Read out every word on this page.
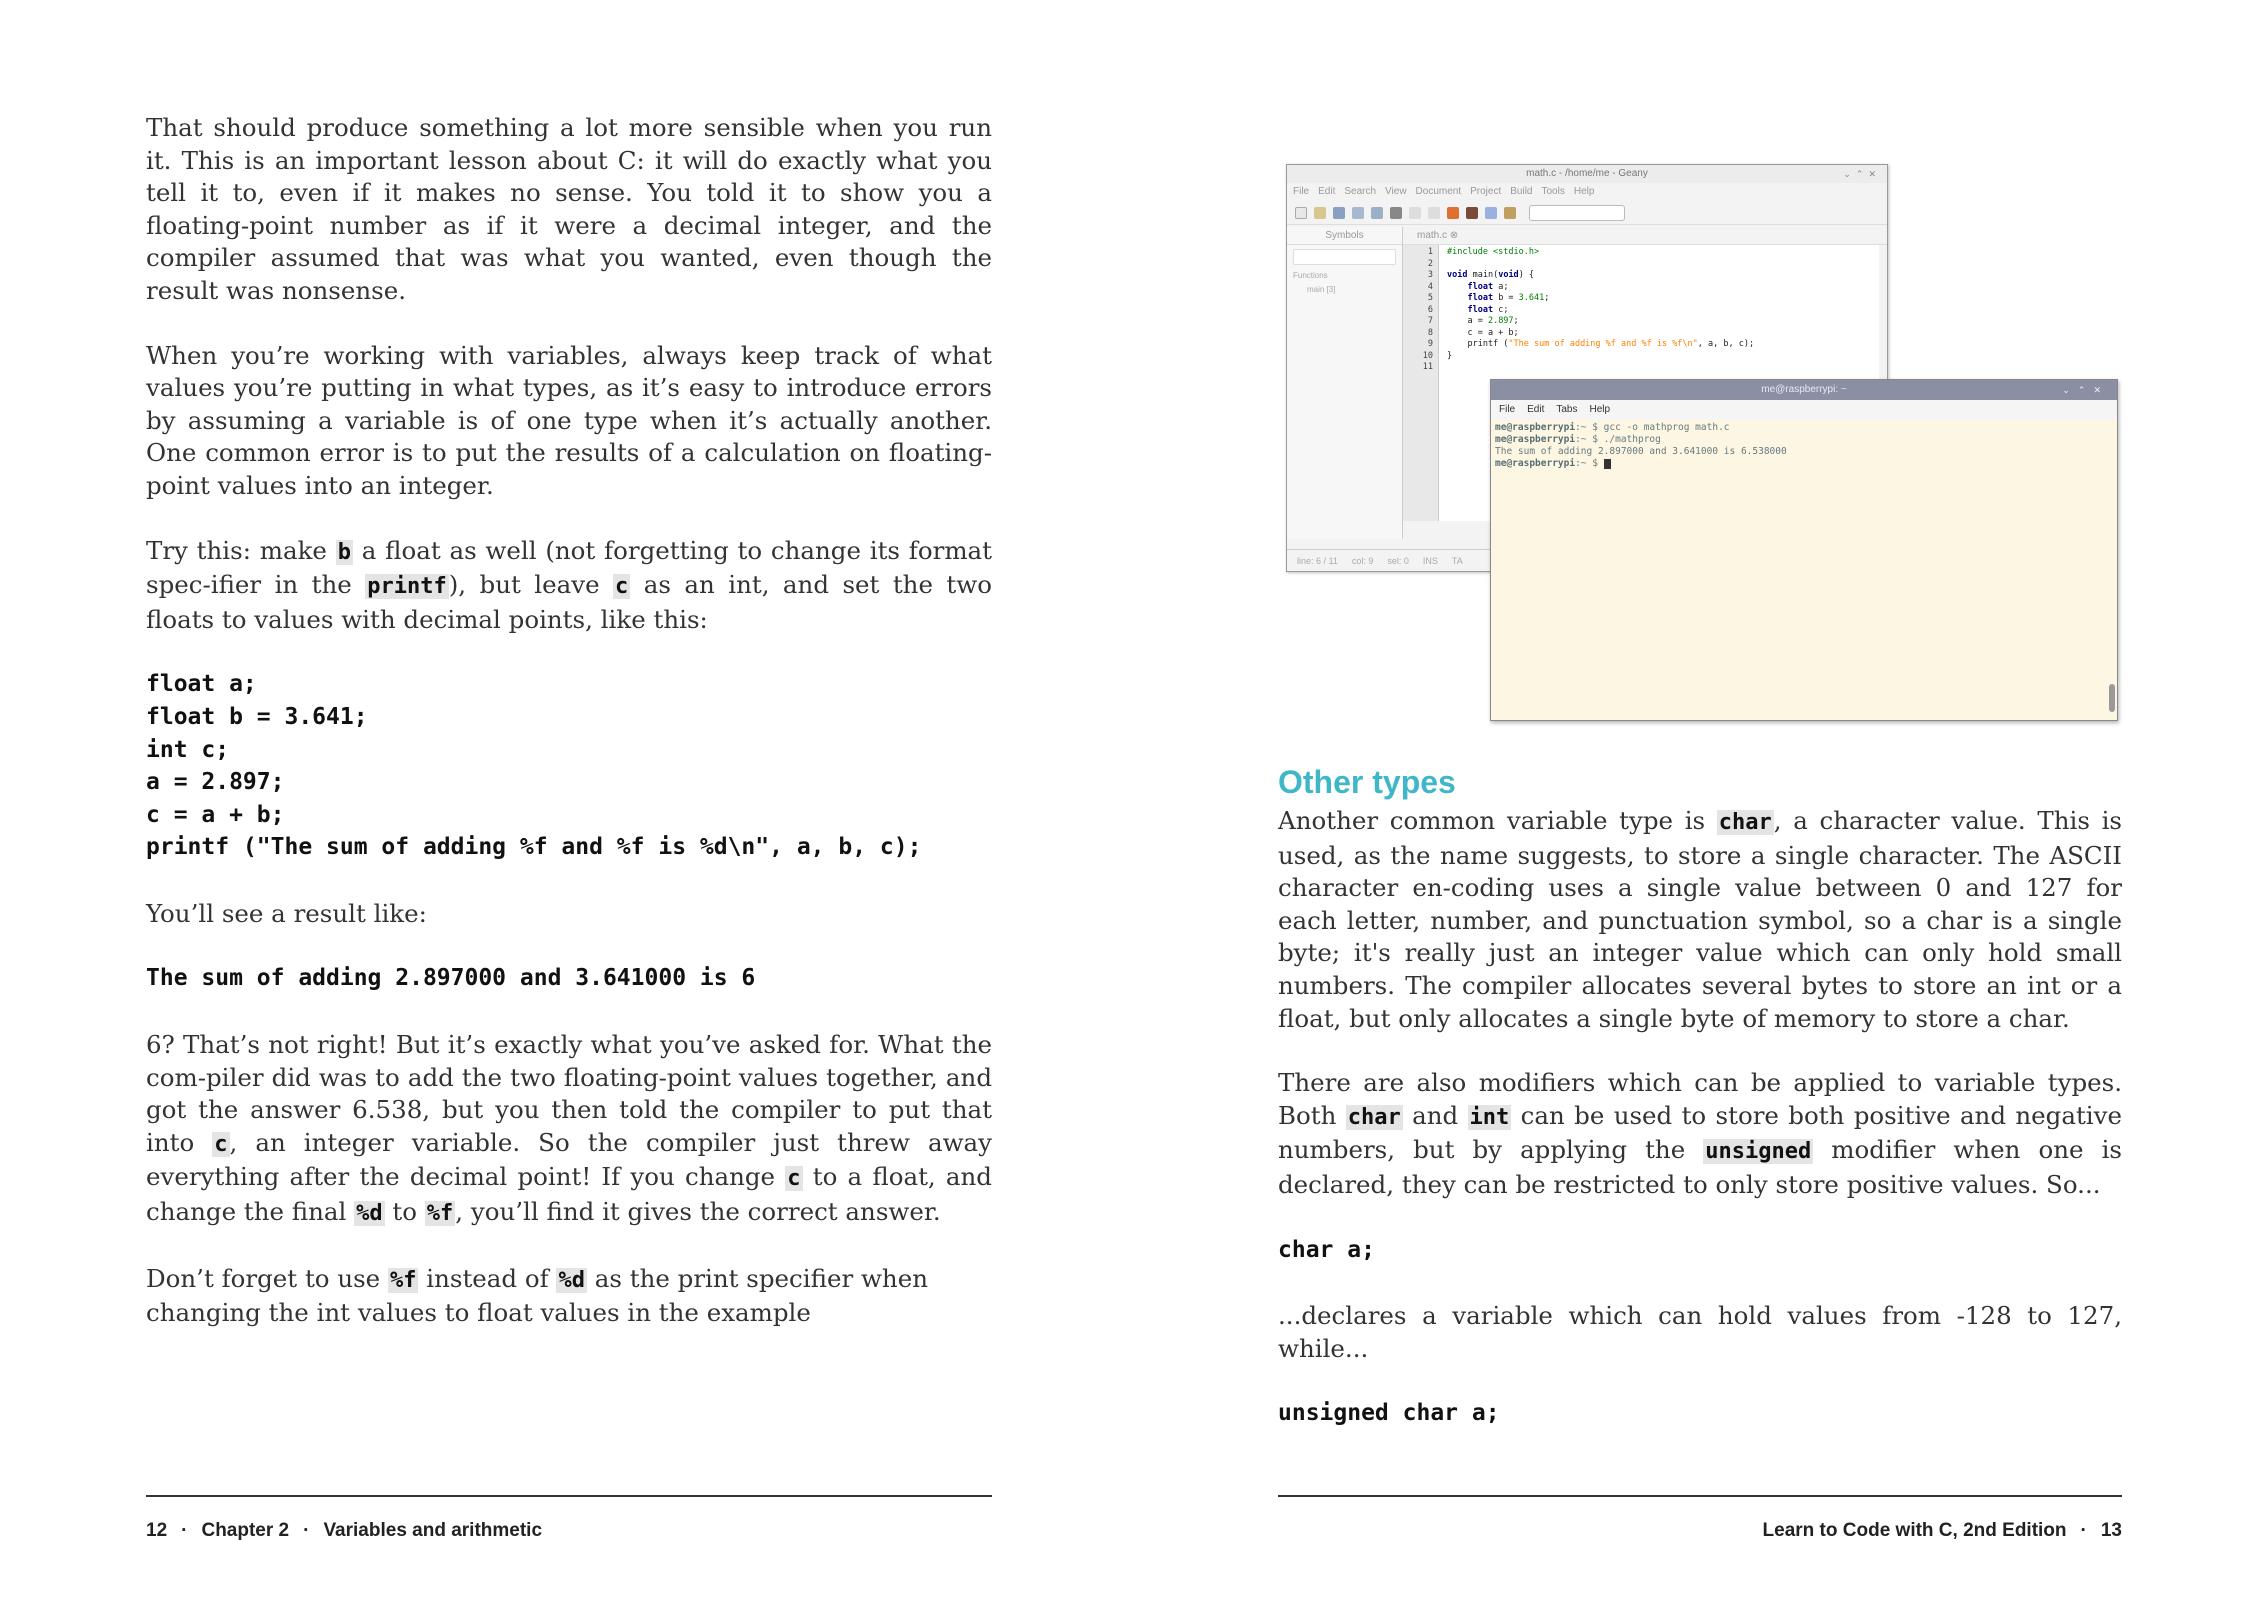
That should produce something a lot more sensible when you run it. This is an important lesson about C: it will do exactly what you tell it to, even if it makes no sense. You told it to show you a floating-point number as if it were a decimal integer, and the compiler assumed that was what you wanted, even though the result was nonsense.

When you’re working with variables, always keep track of what values you’re putting in what types, as it’s easy to introduce errors by assuming a variable is of one type when it’s actually another. One common error is to put the results of a calculation on floating-point values into an integer.

Try this: make b a float as well (not forgetting to change its format spec-ifier in the printf), but leave c as an int, and set the two floats to values with decimal points, like this:

float a;
float b = 3.641;
int c;
a = 2.897;
c = a + b;
printf ("The sum of adding %f and %f is %d\n", a, b, c);

You’ll see a result like:

The sum of adding 2.897000 and 3.641000 is 6

6? That’s not right! But it’s exactly what you’ve asked for. What the com-piler did was to add the two floating-point values together, and got the answer 6.538, but you then told the compiler to put that into c, an integer variable. So the compiler just threw away everything after the decimal point! If you change c to a float, and change the final %d to %f, you’ll find it gives the correct answer.

Don’t forget to use %f instead of %d as the print specifier when changing the int values to float values in the example

12 · Chapter 2 · Variables and arithmetic
math.c - /home/me - Geany	⌄⌃✕
File Edit Search View Document Project Build Tools Help
Symbols
Functions
main [3]
math.c ⊗
1 #include <stdio.h>
2
3 void main(void) {
4	float a;
5	float b = 3.641;
6	float c;
7    a = 2.897;
8    c = a + b;
9    printf ("The sum of adding %f and %f is %f\n", a, b, c);
10 }
11
line: 6 / 11 col: 9 sel: 0 INS TA
me@raspberrypi: ~	⌄⌃✕
File Edit Tabs Help
me@raspberrypi:~ $ gcc -o mathprog math.c
me@raspberrypi:~ $ ./mathprog
The sum of adding 2.897000 and 3.641000 is 6.538000
me@raspberrypi:~ $
Other types

Another common variable type is char, a character value. This is used, as the name suggests, to store a single character. The ASCII character en-coding uses a single value between 0 and 127 for each letter, number, and punctuation symbol, so a char is a single byte; it's really just an integer value which can only hold small numbers. The compiler allocates several bytes to store an int or a float, but only allocates a single byte of memory to store a char.

There are also modifiers which can be applied to variable types. Both char and int can be used to store both positive and negative numbers, but by applying the unsigned modifier when one is declared, they can be restricted to only store positive values. So...

char a;

...declares a variable which can hold values from -128 to 127, while...

unsigned char a;
Learn to Code with C, 2nd Edition · 13
